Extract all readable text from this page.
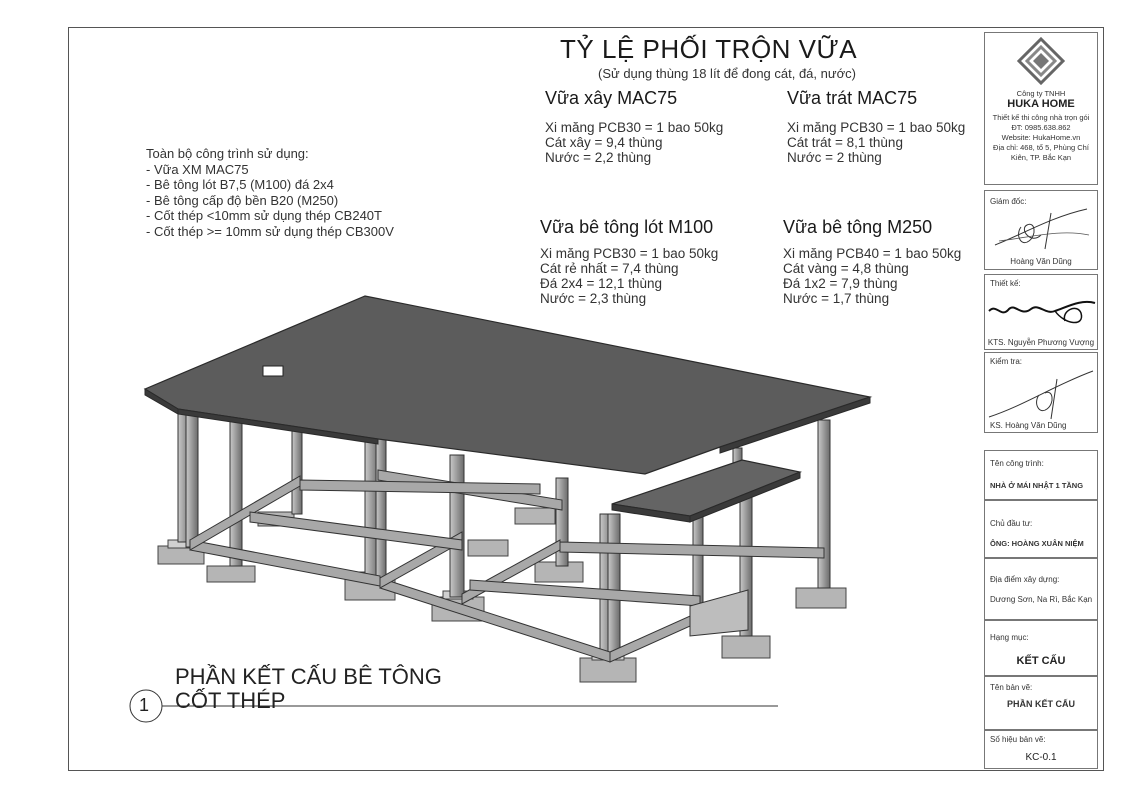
TỶ LỆ PHỐI TRỘN VỮA
(Sử dụng thùng 18 lít để đong cát, đá, nước)
Vữa xây MAC75
Xi măng PCB30 = 1 bao 50kg
Cát xây = 9,4 thùng
Nước = 2,2 thùng
Vữa trát MAC75
Xi măng PCB30 = 1 bao 50kg
Cát trát = 8,1 thùng
Nước = 2 thùng
Vữa bê tông lót M100
Xi măng PCB30 = 1 bao 50kg
Cát rẻ nhất = 7,4 thùng
Đá 2x4 = 12,1 thùng
Nước = 2,3 thùng
Vữa bê tông M250
Xi măng PCB40 = 1 bao 50kg
Cát vàng = 4,8 thùng
Đá 1x2 = 7,9 thùng
Nước = 1,7 thùng
Toàn bộ công trình sử dụng:
- Vữa XM MAC75
- Bê tông lót B7,5 (M100) đá 2x4
- Bê tông cấp độ bền B20 (M250)
- Cốt thép <10mm sử dụng thép CB240T
- Cốt thép >= 10mm sử dụng thép CB300V
1
PHẦN KẾT CẤU BÊ TÔNG
CỐT THÉP
Công ty TNHH
HUKA HOME
Thiết kế thi công nhà trọn gói
ĐT: 0985.638.862
Website: HukaHome.vn
Địa chỉ: 468, tổ 5, Phùng Chí
Kiên, TP. Bắc Kạn
Giám đốc:
Hoàng Văn Dũng
Thiết kế:
KTS. Nguyễn Phương Vượng
Kiểm tra:
KS. Hoàng Văn Dũng
Tên công trình:
NHÀ Ở MÁI NHẬT 1 TẦNG
Chủ đầu tư:
ÔNG: HOÀNG XUÂN NIỆM
Địa điểm xây dựng:
Dương Sơn, Na Rì, Bắc Kạn
Hạng mục:
KẾT CẤU
Tên bản vẽ:
PHẦN KẾT CẤU
Số hiệu bản vẽ:
KC-0.1
